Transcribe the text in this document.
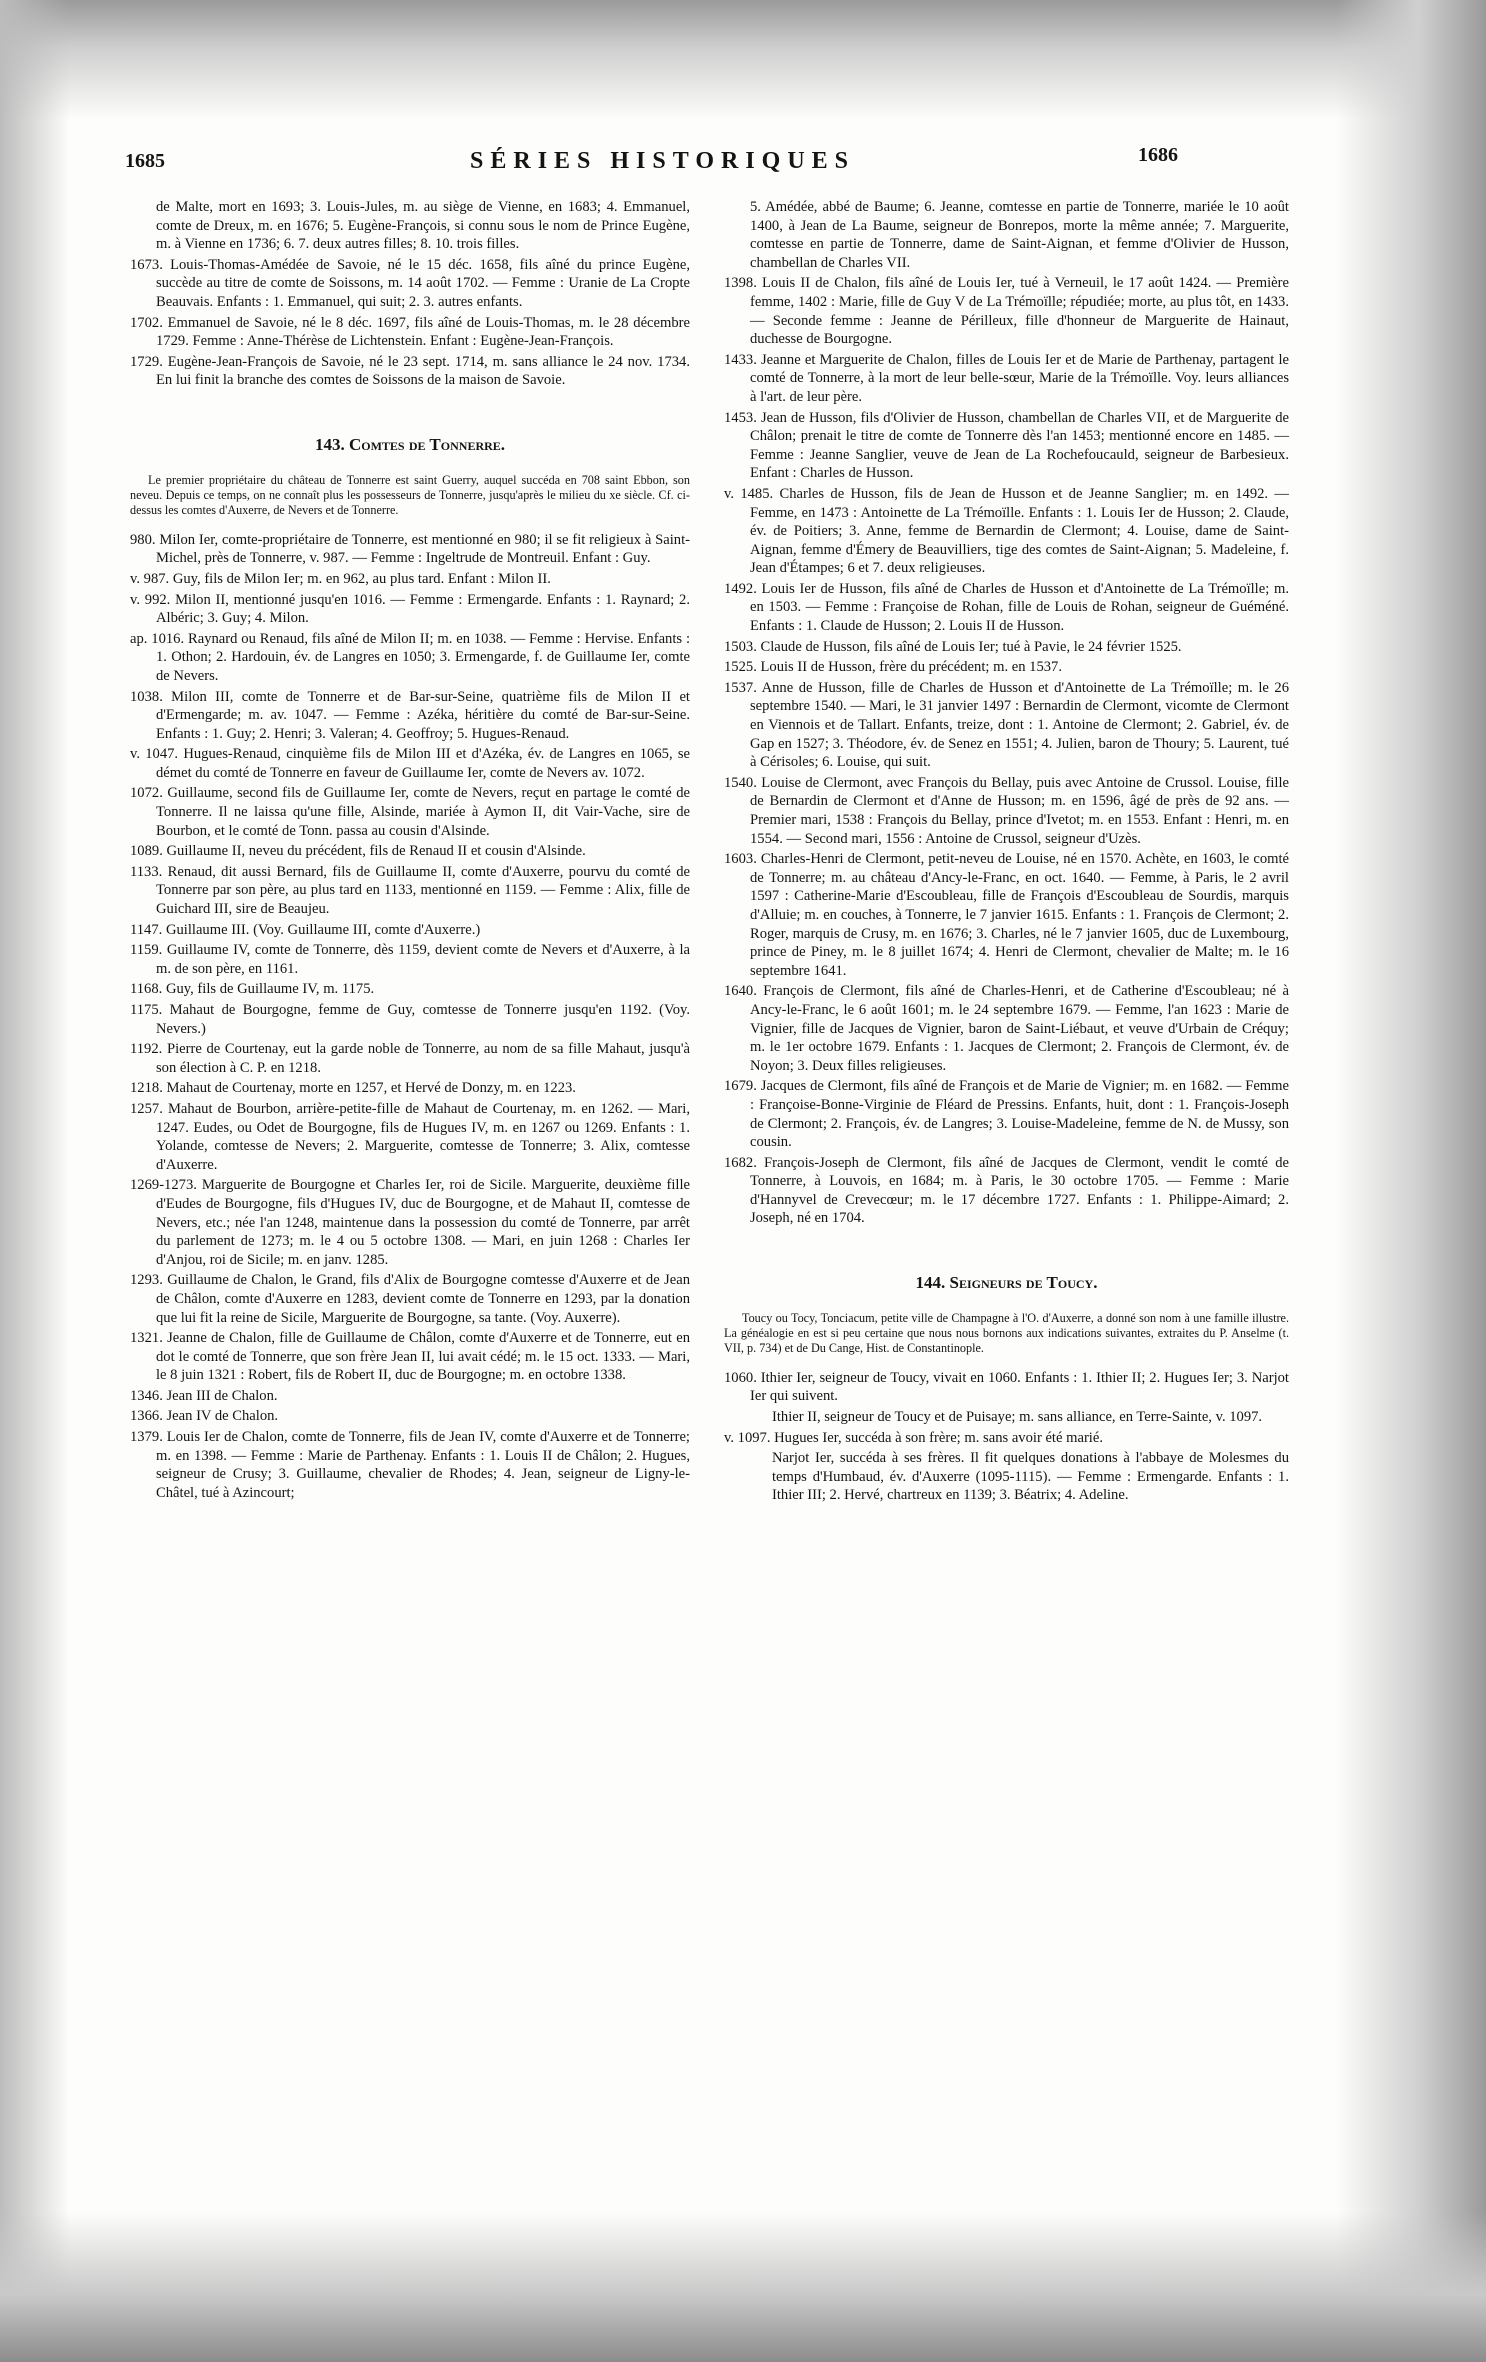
1685	SÉRIES HISTORIQUES	1686
de Malte, mort en 1693; 3. Louis-Jules, m. au siège de Vienne, en 1683; 4. Emmanuel, comte de Dreux, m. en 1676; 5. Eugène-François, si connu sous le nom de Prince Eugène, m. à Vienne en 1736; 6. 7. deux autres filles; 8. 10. trois filles.
1673. Louis-Thomas-Amédée de Savoie, né le 15 déc. 1658, fils aîné du prince Eugène, succède au titre de comte de Soissons, m. 14 août 1702. — Femme : Uranie de La Cropte Beauvais. Enfants : 1. Emmanuel, qui suit; 2. 3. autres enfants.
1702. Emmanuel de Savoie, né le 8 déc. 1697, fils aîné de Louis-Thomas, m. le 28 décembre 1729. Femme : Anne-Thérèse de Lichtenstein. Enfant : Eugène-Jean-François.
1729. Eugène-Jean-François de Savoie, né le 23 sept. 1714, m. sans alliance le 24 nov. 1734. En lui finit la branche des comtes de Soissons de la maison de Savoie.
143. Comtes de Tonnerre.
Le premier propriétaire du château de Tonnerre est saint Guerry, auquel succéda en 708 saint Ebbon, son neveu. Depuis ce temps, on ne connaît plus les possesseurs de Tonnerre, jusqu'après le milieu du xe siècle. Cf. ci-dessus les comtes d'Auxerre, de Nevers et de Tonnerre.
980. Milon Ier, comte-propriétaire de Tonnerre, est mentionné en 980; il se fit religieux à Saint-Michel, près de Tonnerre, v. 987. — Femme : Ingeltrude de Montreuil. Enfant : Guy.
v. 987. Guy, fils de Milon Ier; m. en 962, au plus tard. Enfant : Milon II.
v. 992. Milon II, mentionné jusqu'en 1016. — Femme : Ermengarde. Enfants : 1. Raynard; 2. Albéric; 3. Guy; 4. Milon.
ap. 1016. Raynard ou Renaud, fils aîné de Milon II; m. en 1038. — Femme : Hervise. Enfants : 1. Othon; 2. Hardouin, év. de Langres en 1050; 3. Ermengarde, f. de Guillaume Ier, comte de Nevers.
1038. Milon III, comte de Tonnerre et de Bar-sur-Seine, quatrième fils de Milon II et d'Ermengarde; m. av. 1047. — Femme : Azéka, héritière du comté de Bar-sur-Seine. Enfants : 1. Guy; 2. Henri; 3. Valeran; 4. Geoffroy; 5. Hugues-Renaud.
v. 1047. Hugues-Renaud, cinquième fils de Milon III et d'Azéka, év. de Langres en 1065, se démet du comté de Tonnerre en faveur de Guillaume Ier, comte de Nevers av. 1072.
1072. Guillaume, second fils de Guillaume Ier, comte de Nevers, reçut en partage le comté de Tonnerre. Il ne laissa qu'une fille, Alsinde, mariée à Aymon II, dit Vair-Vache, sire de Bourbon, et le comté de Tonn. passa au cousin d'Alsinde.
1089. Guillaume II, neveu du précédent, fils de Renaud II et cousin d'Alsinde.
1133. Renaud, dit aussi Bernard, fils de Guillaume II, comte d'Auxerre, pourvu du comté de Tonnerre par son père, au plus tard en 1133, mentionné en 1159. — Femme : Alix, fille de Guichard III, sire de Beaujeu.
1147. Guillaume III. (Voy. Guillaume III, comte d'Auxerre.)
1159. Guillaume IV, comte de Tonnerre, dès 1159, devient comte de Nevers et d'Auxerre, à la m. de son père, en 1161.
1168. Guy, fils de Guillaume IV, m. 1175.
1175. Mahaut de Bourgogne, femme de Guy, comtesse de Tonnerre jusqu'en 1192. (Voy. Nevers.)
1192. Pierre de Courtenay, eut la garde noble de Tonnerre, au nom de sa fille Mahaut, jusqu'à son élection à C. P. en 1218.
1218. Mahaut de Courtenay, morte en 1257, et Hervé de Donzy, m. en 1223.
1257. Mahaut de Bourbon, arrière-petite-fille de Mahaut de Courtenay, m. en 1262. — Mari, 1247. Eudes, ou Odet de Bourgogne, fils de Hugues IV, m. en 1267 ou 1269. Enfants : 1. Yolande, comtesse de Nevers; 2. Marguerite, comtesse de Tonnerre; 3. Alix, comtesse d'Auxerre.
1269-1273. Marguerite de Bourgogne et Charles Ier, roi de Sicile. Marguerite, deuxième fille d'Eudes de Bourgogne, fils d'Hugues IV, duc de Bourgogne, et de Mahaut II, comtesse de Nevers, etc.; née l'an 1248, maintenue dans la possession du comté de Tonnerre, par arrêt du parlement de 1273; m. le 4 ou 5 octobre 1308. — Mari, en juin 1268 : Charles Ier d'Anjou, roi de Sicile; m. en janv. 1285.
1293. Guillaume de Chalon, le Grand, fils d'Alix de Bourgogne comtesse d'Auxerre et de Jean de Châlon, comte d'Auxerre en 1283, devient comte de Tonnerre en 1293, par la donation que lui fit la reine de Sicile, Marguerite de Bourgogne, sa tante. (Voy. Auxerre).
1321. Jeanne de Chalon, fille de Guillaume de Châlon, comte d'Auxerre et de Tonnerre, eut en dot le comté de Tonnerre, que son frère Jean II, lui avait cédé; m. le 15 oct. 1333. — Mari, le 8 juin 1321 : Robert, fils de Robert II, duc de Bourgogne; m. en octobre 1338.
1346. Jean III de Chalon.
1366. Jean IV de Chalon.
1379. Louis Ier de Chalon, comte de Tonnerre, fils de Jean IV, comte d'Auxerre et de Tonnerre; m. en 1398. — Femme : Marie de Parthenay. Enfants : 1. Louis II de Châlon; 2. Hugues, seigneur de Crusy; 3. Guillaume, chevalier de Rhodes; 4. Jean, seigneur de Ligny-le-Châtel, tué à Azincourt;
5. Amédée, abbé de Baume; 6. Jeanne, comtesse en partie de Tonnerre, mariée le 10 août 1400, à Jean de La Baume, seigneur de Bonrepos, morte la même année; 7. Marguerite, comtesse en partie de Tonnerre, dame de Saint-Aignan, et femme d'Olivier de Husson, chambellan de Charles VII.
1398. Louis II de Chalon, fils aîné de Louis Ier, tué à Verneuil, le 17 août 1424. — Première femme, 1402 : Marie, fille de Guy V de La Trémoïlle; répudiée; morte, au plus tôt, en 1433. — Seconde femme : Jeanne de Périlleux, fille d'honneur de Marguerite de Hainaut, duchesse de Bourgogne.
1433. Jeanne et Marguerite de Chalon, filles de Louis Ier et de Marie de Parthenay, partagent le comté de Tonnerre, à la mort de leur belle-sœur, Marie de la Trémoïlle. Voy. leurs alliances à l'art. de leur père.
1453. Jean de Husson, fils d'Olivier de Husson, chambellan de Charles VII, et de Marguerite de Châlon; prenait le titre de comte de Tonnerre dès l'an 1453; mentionné encore en 1485. — Femme : Jeanne Sanglier, veuve de Jean de La Rochefoucauld, seigneur de Barbesieux. Enfant : Charles de Husson.
v. 1485. Charles de Husson, fils de Jean de Husson et de Jeanne Sanglier; m. en 1492. — Femme, en 1473 : Antoinette de La Trémoïlle. Enfants : 1. Louis Ier de Husson; 2. Claude, év. de Poitiers; 3. Anne, femme de Bernardin de Clermont; 4. Louise, dame de Saint-Aignan, femme d'Émery de Beauvilliers, tige des comtes de Saint-Aignan; 5. Madeleine, f. Jean d'Étampes; 6 et 7. deux religieuses.
1492. Louis Ier de Husson, fils aîné de Charles de Husson et d'Antoinette de La Trémoïlle; m. en 1503. — Femme : Françoise de Rohan, fille de Louis de Rohan, seigneur de Guéméné. Enfants : 1. Claude de Husson; 2. Louis II de Husson.
1503. Claude de Husson, fils aîné de Louis Ier; tué à Pavie, le 24 février 1525.
1525. Louis II de Husson, frère du précédent; m. en 1537.
1537. Anne de Husson, fille de Charles de Husson et d'Antoinette de La Trémoïlle; m. le 26 septembre 1540. — Mari, le 31 janvier 1497 : Bernardin de Clermont, vicomte de Clermont en Viennois et de Tallart. Enfants, treize, dont : 1. Antoine de Clermont; 2. Gabriel, év. de Gap en 1527; 3. Théodore, év. de Senez en 1551; 4. Julien, baron de Thoury; 5. Laurent, tué à Cérisoles; 6. Louise, qui suit.
1540. Louise de Clermont, avec François du Bellay, puis avec Antoine de Crussol. Louise, fille de Bernardin de Clermont et d'Anne de Husson; m. en 1596, âgé de près de 92 ans. — Premier mari, 1538 : François du Bellay, prince d'Ivetot; m. en 1553. Enfant : Henri, m. en 1554. — Second mari, 1556 : Antoine de Crussol, seigneur d'Uzès.
1603. Charles-Henri de Clermont, petit-neveu de Louise, né en 1570. Achète, en 1603, le comté de Tonnerre; m. au château d'Ancy-le-Franc, en oct. 1640. — Femme, à Paris, le 2 avril 1597 : Catherine-Marie d'Escoubleau, fille de François d'Escoubleau de Sourdis, marquis d'Alluie; m. en couches, à Tonnerre, le 7 janvier 1615. Enfants : 1. François de Clermont; 2. Roger, marquis de Crusy, m. en 1676; 3. Charles, né le 7 janvier 1605, duc de Luxembourg, prince de Piney, m. le 8 juillet 1674; 4. Henri de Clermont, chevalier de Malte; m. le 16 septembre 1641.
1640. François de Clermont, fils aîné de Charles-Henri, et de Catherine d'Escoubleau; né à Ancy-le-Franc, le 6 août 1601; m. le 24 septembre 1679. — Femme, l'an 1623 : Marie de Vignier, fille de Jacques de Vignier, baron de Saint-Liébaut, et veuve d'Urbain de Créquy; m. le 1er octobre 1679. Enfants : 1. Jacques de Clermont; 2. François de Clermont, év. de Noyon; 3. Deux filles religieuses.
1679. Jacques de Clermont, fils aîné de François et de Marie de Vignier; m. en 1682. — Femme : Françoise-Bonne-Virginie de Fléard de Pressins. Enfants, huit, dont : 1. François-Joseph de Clermont; 2. François, év. de Langres; 3. Louise-Madeleine, femme de N. de Mussy, son cousin.
1682. François-Joseph de Clermont, fils aîné de Jacques de Clermont, vendit le comté de Tonnerre, à Louvois, en 1684; m. à Paris, le 30 octobre 1705. — Femme : Marie d'Hannyvel de Crevecœur; m. le 17 décembre 1727. Enfants : 1. Philippe-Aimard; 2. Joseph, né en 1704.
144. Seigneurs de Toucy.
Toucy ou Tocy, Tonciacum, petite ville de Champagne à l'O. d'Auxerre, a donné son nom à une famille illustre. La généalogie en est si peu certaine que nous nous bornons aux indications suivantes, extraites du P. Anselme (t. VII, p. 734) et de Du Cange, Hist. de Constantinople.
1060. Ithier Ier, seigneur de Toucy, vivait en 1060. Enfants : 1. Ithier II; 2. Hugues Ier; 3. Narjot Ier qui suivent.
Ithier II, seigneur de Toucy et de Puisaye; m. sans alliance, en Terre-Sainte, v. 1097.
v. 1097. Hugues Ier, succéda à son frère; m. sans avoir été marié.
Narjot Ier, succéda à ses frères. Il fit quelques donations à l'abbaye de Molesmes du temps d'Humbaud, év. d'Auxerre (1095-1115). — Femme : Ermengarde. Enfants : 1. Ithier III; 2. Hervé, chartreux en 1139; 3. Béatrix; 4. Adeline.
